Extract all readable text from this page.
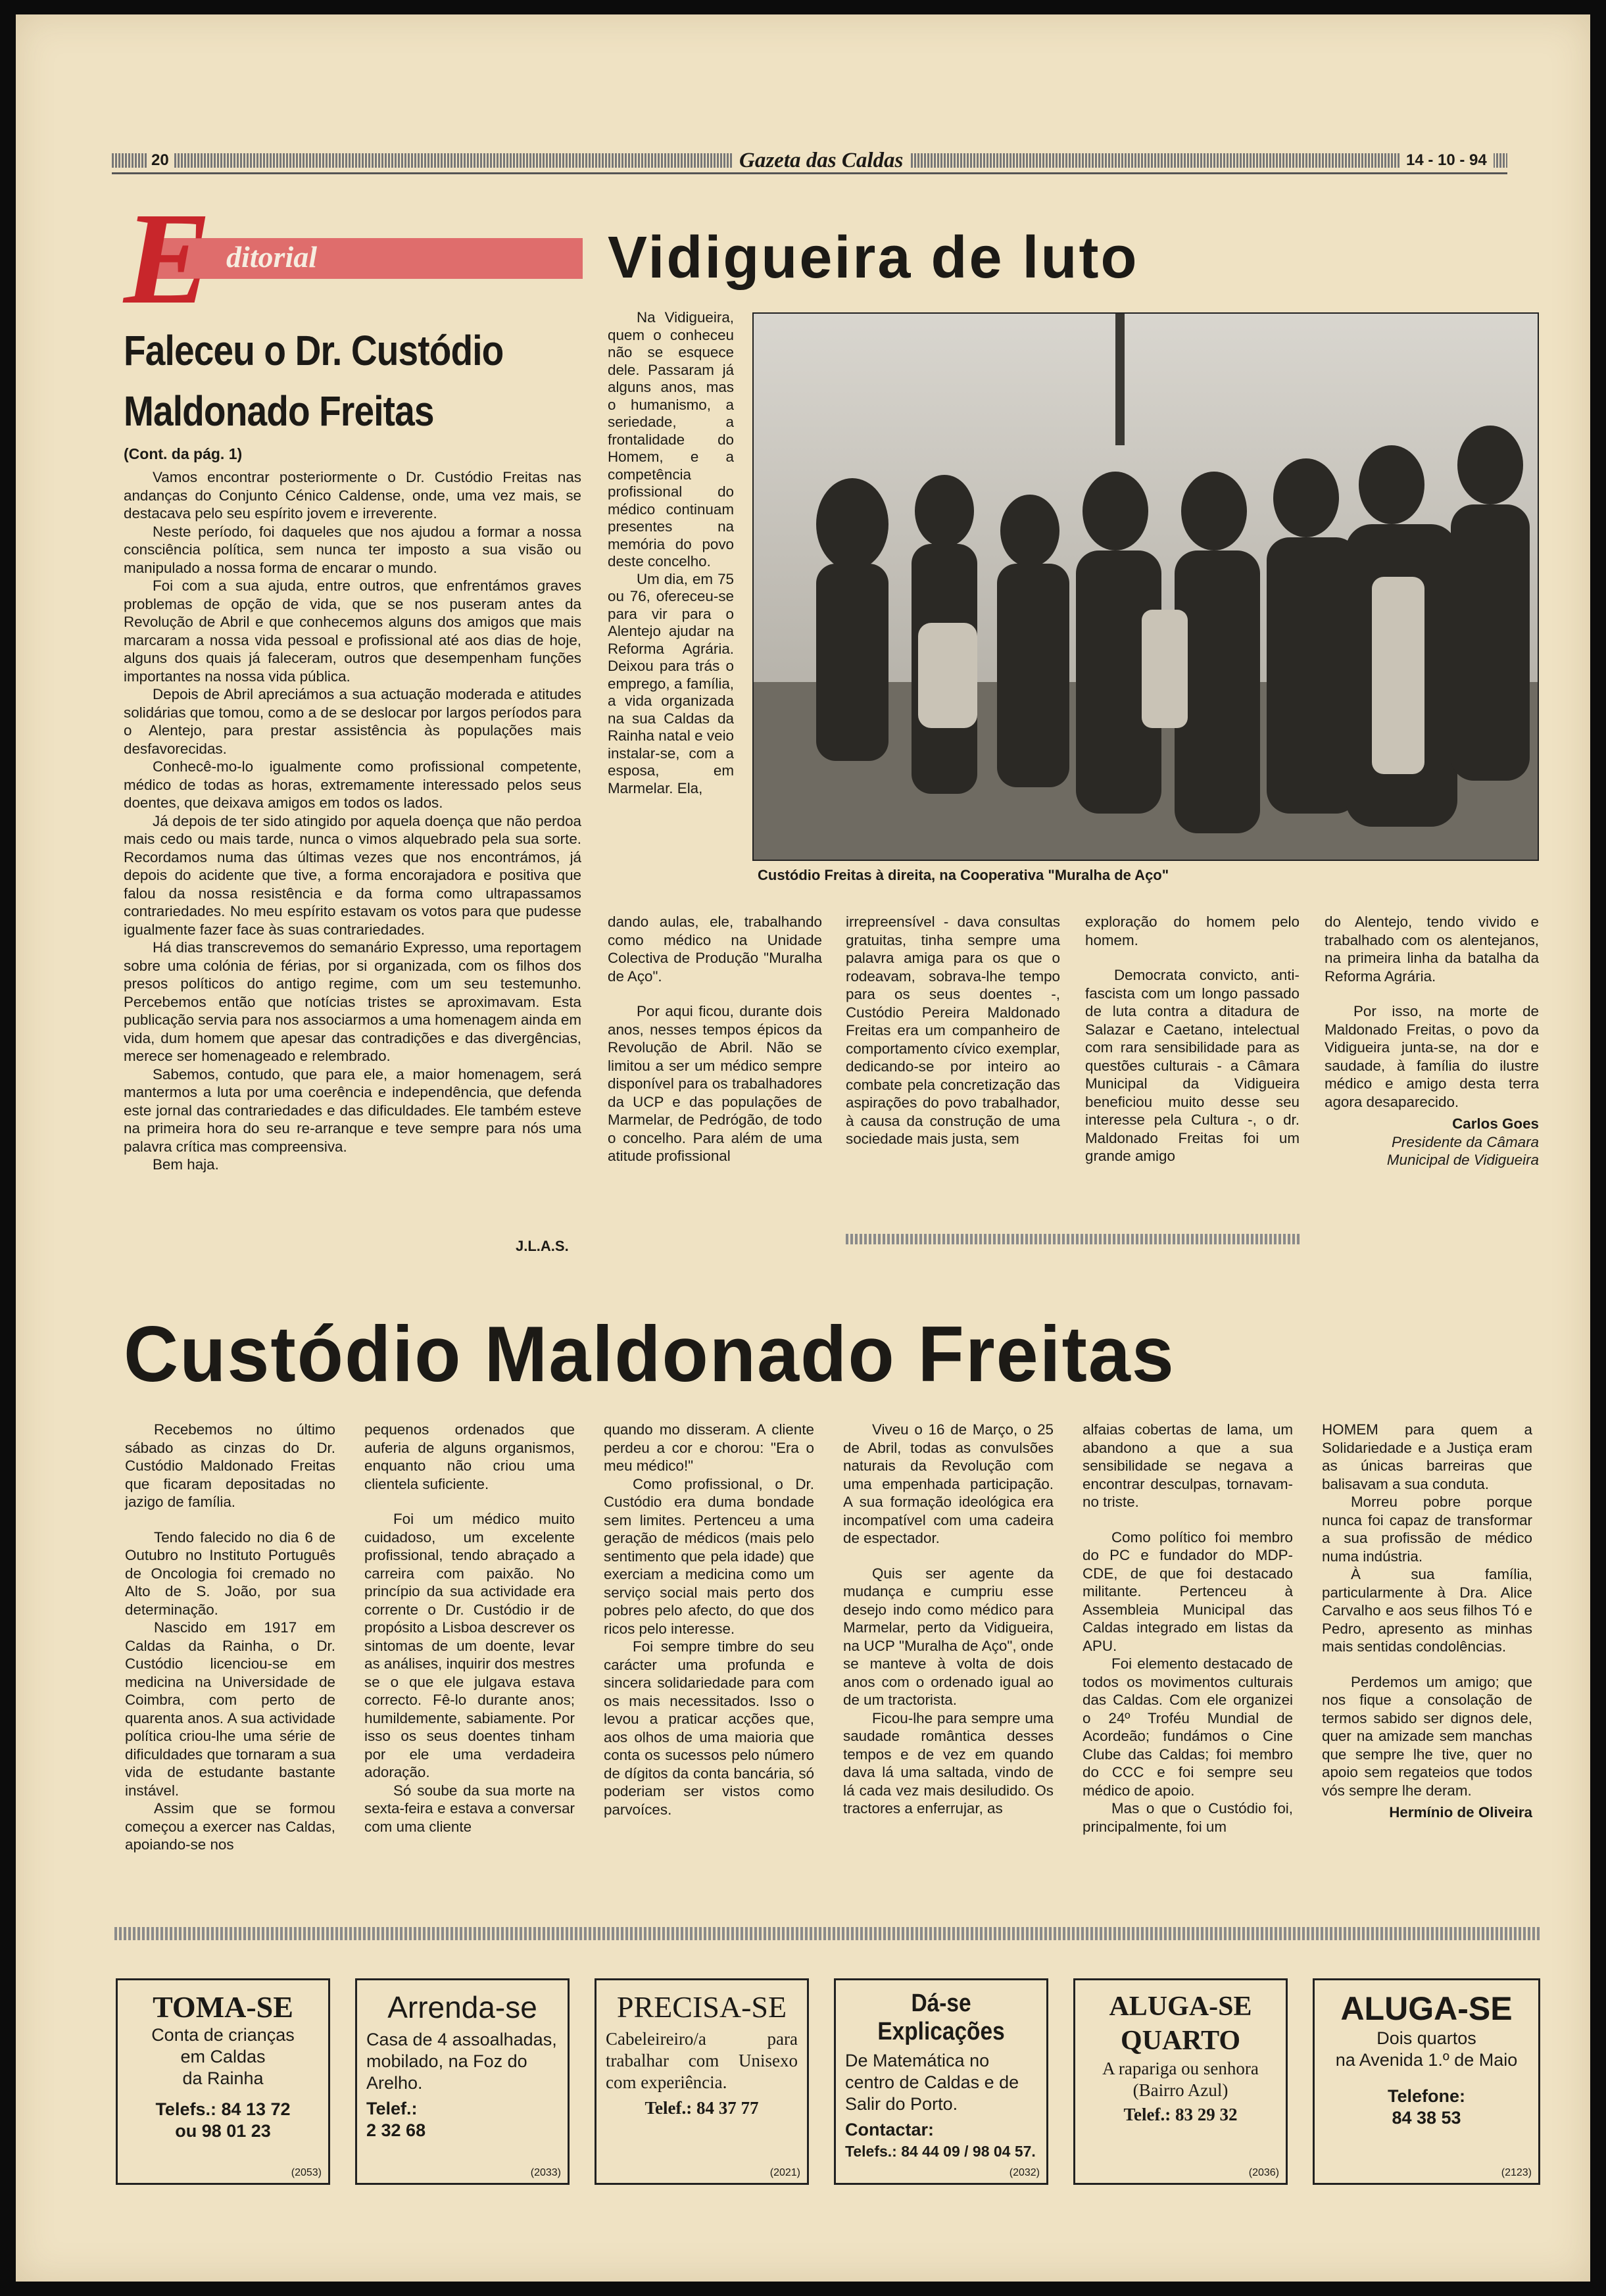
20	Gazeta das Caldas	14 - 10 - 94
E ditorial
Faleceu o Dr. Custódio
Maldonado Freitas
(Cont. da pág. 1)

Vamos encontrar posteriormente o Dr. Custódio Freitas nas andanças do Conjunto Cénico Caldense, onde, uma vez mais, se destacava pelo seu espírito jovem e irreverente.

Neste período, foi daqueles que nos ajudou a formar a nossa consciência política, sem nunca ter imposto a sua visão ou manipulado a nossa forma de encarar o mundo.

Foi com a sua ajuda, entre outros, que enfrentámos graves problemas de opção de vida, que se nos puseram antes da Revolução de Abril e que conhecemos alguns dos amigos que mais marcaram a nossa vida pessoal e profissional até aos dias de hoje, alguns dos quais já faleceram, outros que desempenham funções importantes na nossa vida pública.

Depois de Abril apreciámos a sua actuação moderada e atitudes solidárias que tomou, como a de se deslocar por largos períodos para o Alentejo, para prestar assistência às populações mais desfavorecidas.

Conhecê-mo-lo igualmente como profissional competente, médico de todas as horas, extremamente interessado pelos seus doentes, que deixava amigos em todos os lados.

Já depois de ter sido atingido por aquela doença que não perdoa mais cedo ou mais tarde, nunca o vimos alquebrado pela sua sorte. Recordamos numa das últimas vezes que nos encontrámos, já depois do acidente que tive, a forma encorajadora e positiva que falou da nossa resistência e da forma como ultrapassamos contrariedades. No meu espírito estavam os votos para que pudesse igualmente fazer face às suas contrariedades.

Há dias transcrevemos do semanário Expresso, uma reportagem sobre uma colónia de férias, por si organizada, com os filhos dos presos políticos do antigo regime, com um seu testemunho. Percebemos então que notícias tristes se aproximavam. Esta publicação servia para nos associarmos a uma homenagem ainda em vida, dum homem que apesar das contradições e das divergências, merece ser homenageado e relembrado.

Sabemos, contudo, que para ele, a maior homenagem, será mantermos a luta por uma coerência e independência, que defenda este jornal das contrariedades e das dificuldades. Ele também esteve na primeira hora do seu re-arranque e teve sempre para nós uma palavra crítica mas compreensiva.

Bem haja.

J.L.A.S.
Vidigueira de luto

Na Vidigueira, quem o conheceu não se esquece dele. Passaram já alguns anos, mas o humanismo, a seriedade, a frontalidade do Homem, e a competência profissional do médico continuam presentes na memória do povo deste concelho.

Um dia, em 75 ou 76, ofereceu-se para vir para o Alentejo ajudar na Reforma Agrária. Deixou para trás o emprego, a família, a vida organizada na sua Caldas da Rainha natal e veio instalar-se, com a esposa, em Marmelar. Ela,

Custódio Freitas à direita, na Cooperativa "Muralha de Aço"

dando aulas, ele, trabalhando como médico na Unidade Colectiva de Produção "Muralha de Aço".

Por aqui ficou, durante dois anos, nesses tempos épicos da Revolução de Abril. Não se limitou a ser um médico sempre disponível para os trabalhadores da UCP e das populações de Marmelar, de Pedrógão, de todo o concelho. Para além de uma atitude profissional

irrepreensível - dava consultas gratuitas, tinha sempre uma palavra amiga para os que o rodeavam, sobrava-lhe tempo para os seus doentes -, Custódio Pereira Maldonado Freitas era um companheiro de comportamento cívico exemplar, dedicando-se por inteiro ao combate pela concretização das aspirações do povo trabalhador, à causa da construção de uma sociedade mais justa, sem

exploração do homem pelo homem.

Democrata convicto, anti-fascista com um longo passado de luta contra a ditadura de Salazar e Caetano, intelectual com rara sensibilidade para as questões culturais - a Câmara Municipal da Vidigueira beneficiou muito desse seu interesse pela Cultura -, o dr. Maldonado Freitas foi um grande amigo

do Alentejo, tendo vivido e trabalhado com os alentejanos, na primeira linha da batalha da Reforma Agrária.

Por isso, na morte de Maldonado Freitas, o povo da Vidigueira junta-se, na dor e saudade, à família do ilustre médico e amigo desta terra agora desaparecido.

Carlos Goes
Presidente da Câmara
Municipal de Vidigueira
Custódio Maldonado Freitas

Recebemos no último sábado as cinzas do Dr. Custódio Maldonado Freitas que ficaram depositadas no jazigo de família.

Tendo falecido no dia 6 de Outubro no Instituto Português de Oncologia foi cremado no Alto de S. João, por sua determinação.

Nascido em 1917 em Caldas da Rainha, o Dr. Custódio licenciou-se em medicina na Universidade de Coimbra, com perto de quarenta anos. A sua actividade política criou-lhe uma série de dificuldades que tornaram a sua vida de estudante bastante instável.

Assim que se formou começou a exercer nas Caldas, apoiando-se nos

pequenos ordenados que auferia de alguns organismos, enquanto não criou uma clientela suficiente.

Foi um médico muito cuidadoso, um excelente profissional, tendo abraçado a carreira com paixão. No princípio da sua actividade era corrente o Dr. Custódio ir de propósito a Lisboa descrever os sintomas de um doente, levar as análises, inquirir dos mestres se o que ele julgava estava correcto. Fê-lo durante anos; humildemente, sabiamente. Por isso os seus doentes tinham por ele uma verdadeira adoração.

Só soube da sua morte na sexta-feira e estava a conversar com uma cliente

quando mo disseram. A cliente perdeu a cor e chorou: "Era o meu médico!"

Como profissional, o Dr. Custódio era duma bondade sem limites. Pertenceu a uma geração de médicos (mais pelo sentimento que pela idade) que exerciam a medicina como um serviço social mais perto dos pobres pelo afecto, do que dos ricos pelo interesse.

Foi sempre timbre do seu carácter uma profunda e sincera solidariedade para com os mais necessitados. Isso o levou a praticar acções que, aos olhos de uma maioria que conta os sucessos pelo número de dígitos da conta bancária, só poderiam ser vistos como parvoíces.

Viveu o 16 de Março, o 25 de Abril, todas as convulsões naturais da Revolução com uma empenhada participação. A sua formação ideológica era incompatível com uma cadeira de espectador.

Quis ser agente da mudança e cumpriu esse desejo indo como médico para Marmelar, perto da Vidigueira, na UCP "Muralha de Aço", onde se manteve à volta de dois anos com o ordenado igual ao de um tractorista.

Ficou-lhe para sempre uma saudade romântica desses tempos e de vez em quando dava lá uma saltada, vindo de lá cada vez mais desiludido. Os tractores a enferrujar, as

alfaias cobertas de lama, um abandono a que a sua sensibilidade se negava a encontrar desculpas, tornavam-no triste.

Como político foi membro do PC e fundador do MDP-CDE, de que foi destacado militante. Pertenceu à Assembleia Municipal das Caldas integrado em listas da APU.

Foi elemento destacado de todos os movimentos culturais das Caldas. Com ele organizei o 24º Troféu Mundial de Acordeão; fundámos o Cine Clube das Caldas; foi membro do CCC e foi sempre seu médico de apoio.

Mas o que o Custódio foi, principalmente, foi um

HOMEM para quem a Solidariedade e a Justiça eram as únicas barreiras que balisavam a sua conduta.

Morreu pobre porque nunca foi capaz de transformar a sua profissão de médico numa indústria.

À sua família, particularmente à Dra. Alice Carvalho e aos seus filhos Tó e Pedro, apresento as minhas mais sentidas condolências.

Perdemos um amigo; que nos fique a consolação de termos sabido ser dignos dele, quer na amizade sem manchas que sempre lhe tive, quer no apoio sem regateios que todos vós sempre lhe deram.

Hermínio de Oliveira
TOMA-SE
Conta de crianças
em Caldas
da Rainha
Telefs.: 84 13 72
ou 98 01 23
(2053)
Arrenda-se
Casa de 4 assoalhadas, mobilado, na Foz do Arelho.
Telef.:
2 32 68
(2033)
PRECISA-SE
Cabeleireiro/a para trabalhar com Unisexo com experiência.
Telef.: 84 37 77
(2021)
Dá-se Explicações
De Matemática no centro de Caldas e de Salir do Porto.
Contactar:
Telefs.: 84 44 09 / 98 04 57.
(2032)
ALUGA-SE QUARTO
A rapariga ou senhora
(Bairro Azul)
Telef.: 83 29 32
(2036)
ALUGA-SE
Dois quartos
na Avenida 1.º de Maio
Telefone:
84 38 53
(2123)
